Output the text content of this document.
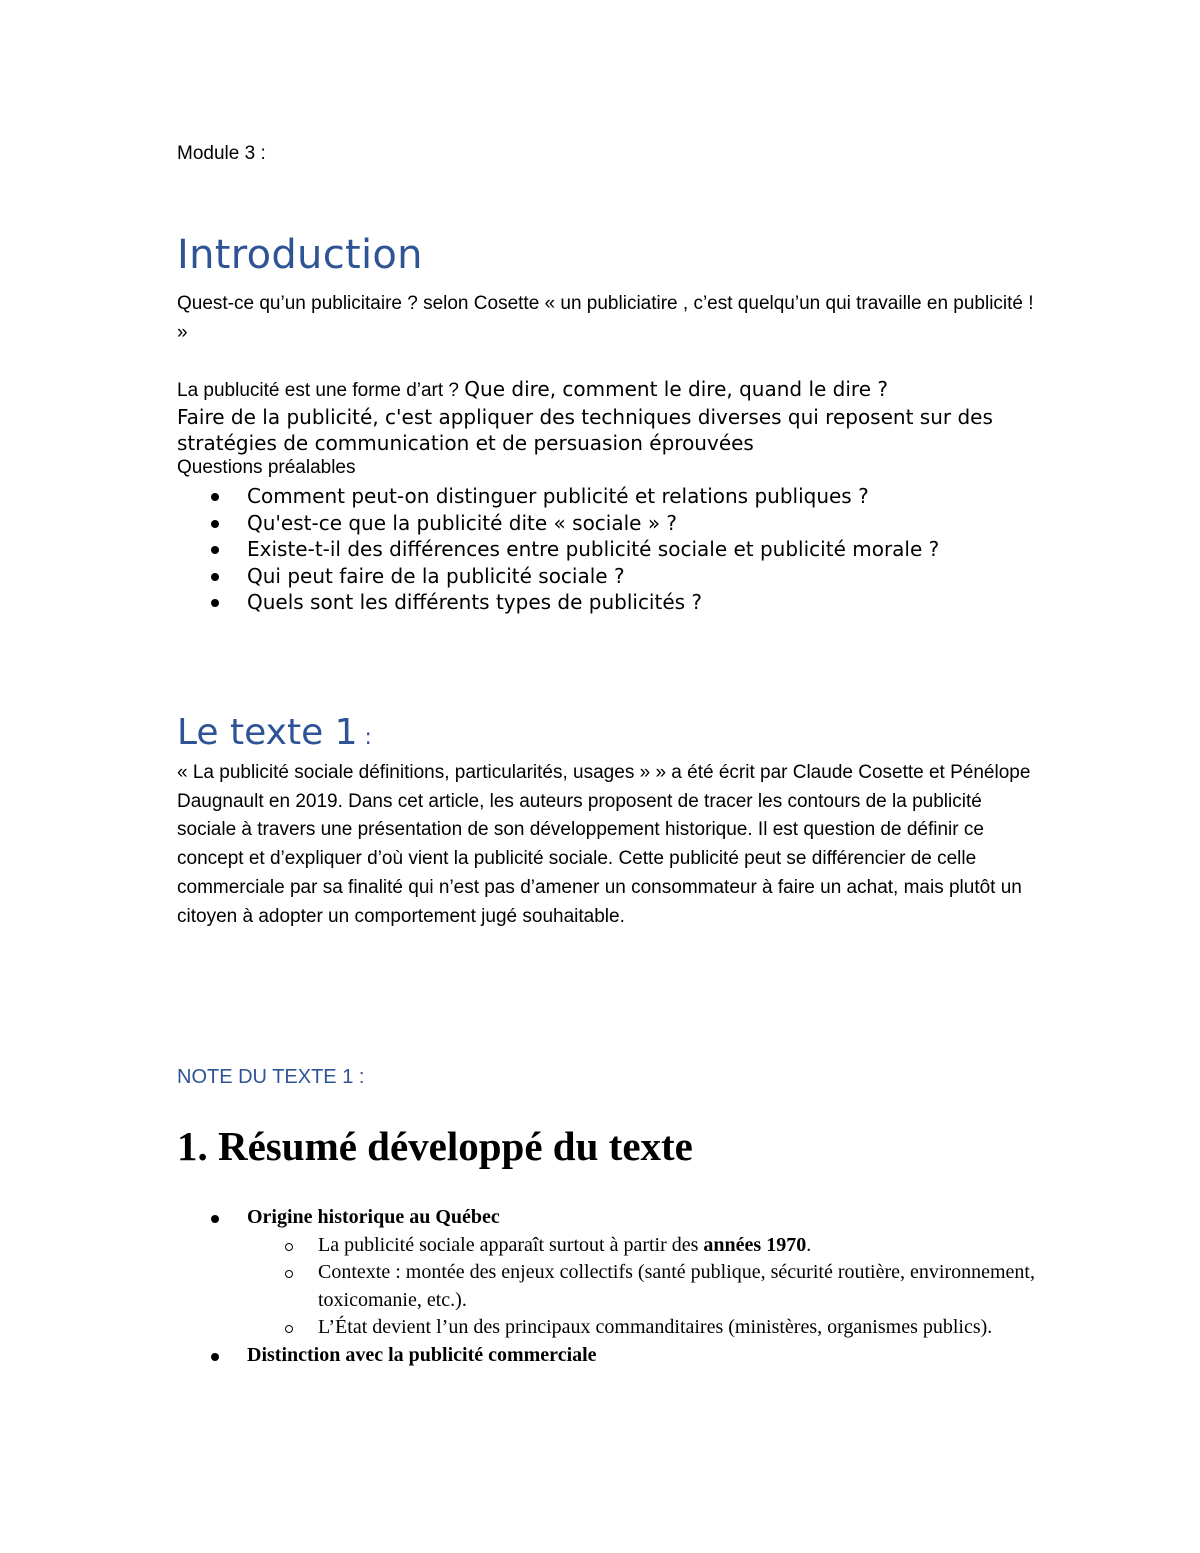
Module 3 :
Introduction

Quest-ce qu’un publicitaire ? selon Cosette « un publiciatire , c’est quelqu’un qui travaille en publicité ! »

La publucité est une forme d’art ? Que dire, comment le dire, quand le dire ?
Faire de la publicité, c'est appliquer des techniques diverses qui reposent sur des stratégies de communication et de persuasion éprouvées
Questions préalables
Comment peut-on distinguer publicité et relations publiques ?
Qu'est-ce que la publicité dite « sociale » ?
Existe-t-il des différences entre publicité sociale et publicité morale ?
Qui peut faire de la publicité sociale ?
Quels sont les différents types de publicités ?
Le texte 1 :

« La publicité sociale définitions, particularités, usages » » a été écrit par Claude Cosette et Pénélope Daugnault en 2019. Dans cet article, les auteurs proposent de tracer les contours de la publicité sociale à travers une présentation de son développement historique. Il est question de définir ce concept et d’expliquer d’où vient la publicité sociale. Cette publicité peut se différencier de celle commerciale par sa finalité qui n’est pas d’amener un consommateur à faire un achat, mais plutôt un citoyen à adopter un comportement jugé souhaitable.

NOTE DU TEXTE 1 :
1. Résumé développé du texte
Origine historique au Québec
La publicité sociale apparaît surtout à partir des années 1970.
Contexte : montée des enjeux collectifs (santé publique, sécurité routière, environnement, toxicomanie, etc.).
L’État devient l’un des principaux commanditaires (ministères, organismes publics).
Distinction avec la publicité commerciale
